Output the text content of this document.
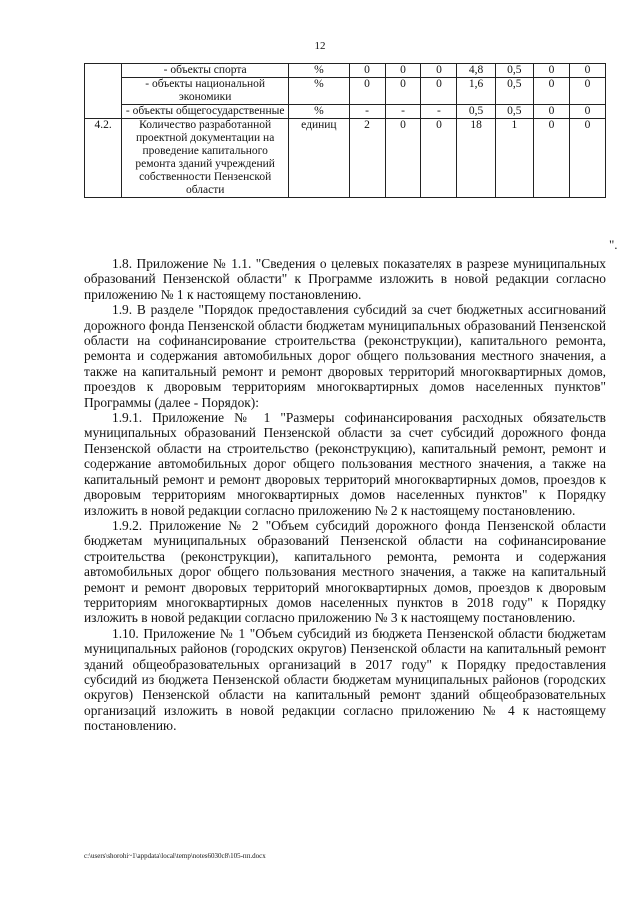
12
	- объекты спорта	%	0	0	0	4,8	0,5	0	0
	- объекты национальной экономики	%	0	0	0	1,6	0,5	0	0
	- объекты общегосударственные	%	-	-	-	0,5	0,5	0	0
4.2.	Количество разработанной проектной документации на проведение капитального ремонта зданий учреждений собственности Пензенской области	единиц	2	0	0	18	1	0	0
".

1.8. Приложение № 1.1. "Сведения о целевых показателях в разрезе муниципальных образований Пензенской области" к Программе изложить в новой редакции согласно приложению № 1 к настоящему постановлению.

1.9. В разделе "Порядок предоставления субсидий за счет бюджетных ассигнований дорожного фонда Пензенской области бюджетам муниципальных образований Пензенской области на софинансирование строительства (реконструкции), капитального ремонта, ремонта и содержания автомобильных дорог общего пользования местного значения, а также на капитальный ремонт и ремонт дворовых территорий многоквартирных домов, проездов к дворовым территориям многоквартирных домов населенных пунктов" Программы (далее - Порядок):

1.9.1. Приложение № 1 "Размеры софинансирования расходных обязательств муниципальных образований Пензенской области за счет субсидий дорожного фонда Пензенской области на строительство (реконструкцию), капитальный ремонт, ремонт и содержание автомобильных дорог общего пользования местного значения, а также на капитальный ремонт и ремонт дворовых территорий многоквартирных домов, проездов к дворовым территориям многоквартирных домов населенных пунктов" к Порядку изложить в новой редакции согласно приложению № 2 к настоящему постановлению.

1.9.2. Приложение № 2 "Объем субсидий дорожного фонда Пензенской области бюджетам муниципальных образований Пензенской области на софинансирование строительства (реконструкции), капитального ремонта, ремонта и содержания автомобильных дорог общего пользования местного значения, а также на капитальный ремонт и ремонт дворовых территорий многоквартирных домов, проездов к дворовым территориям многоквартирных домов населенных пунктов в 2018 году" к Порядку изложить в новой редакции согласно приложению № 3 к настоящему постановлению.

1.10. Приложение № 1 "Объем субсидий из бюджета Пензенской области бюджетам муниципальных районов (городских округов) Пензенской области на капитальный ремонт зданий общеобразовательных организаций в 2017 году" к Порядку предоставления субсидий из бюджета Пензенской области бюджетам муниципальных районов (городских округов) Пензенской области на капитальный ремонт зданий общеобразовательных организаций изложить в новой редакции согласно приложению № 4 к настоящему постановлению.

c:\users\shorohi~1\appdata\local\temp\notes6030c8\105-пп.docx
